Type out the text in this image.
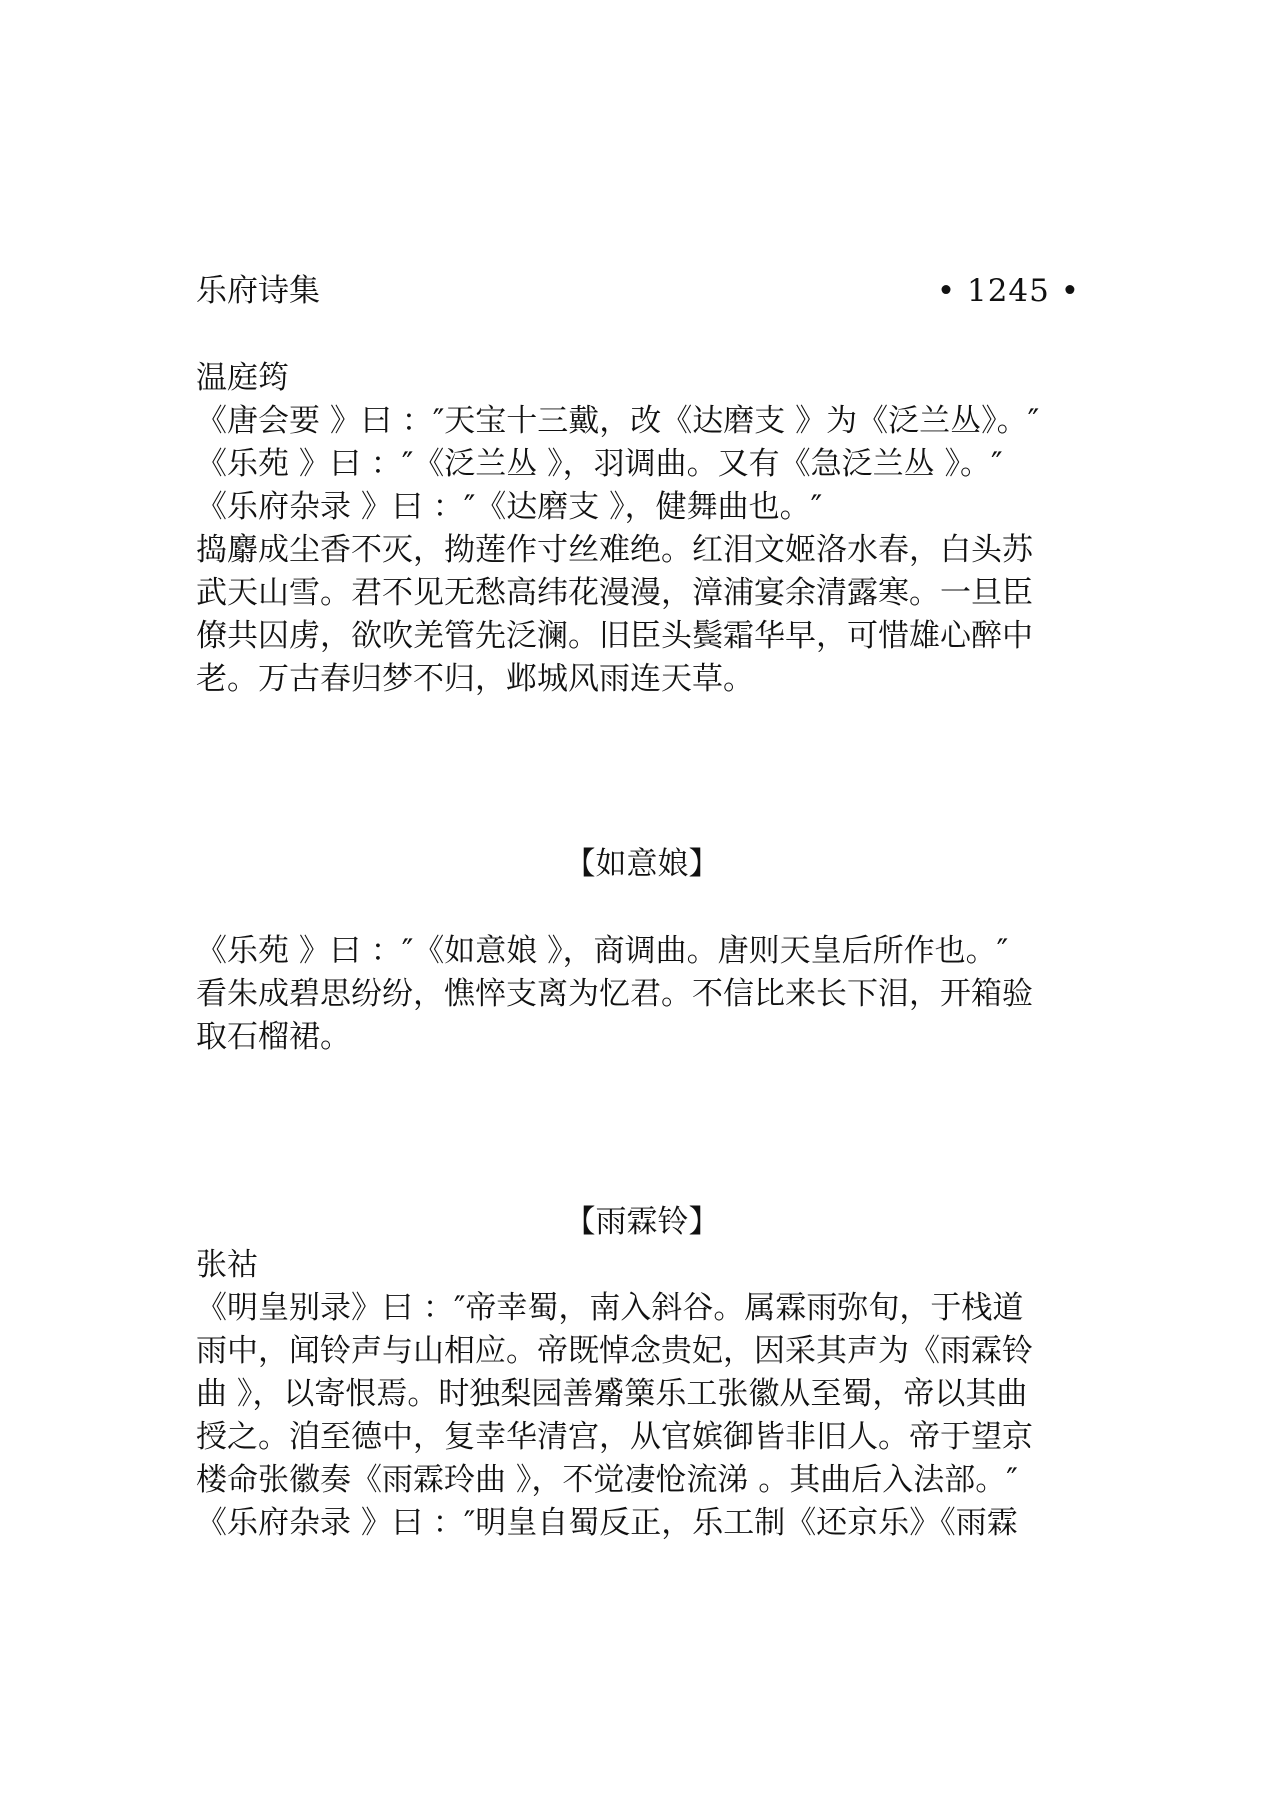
乐府诗集	• 1245 •
温庭筠
《唐会要 》曰 ：″天宝十三戴，改《达磨支 》为《泛兰丛》。″
《乐苑 》曰 ：″《泛兰丛 》，羽调曲。又有《急泛兰丛 》。″
《乐府杂录 》曰 ：″《达磨支 》，健舞曲也。″
捣麝成尘香不灭，拗莲作寸丝难绝。红泪文姬洛水春，白头苏
武天山雪。君不见无愁高纬花漫漫，漳浦宴余清露寒。一旦臣
僚共囚虏，欲吹羌管先泛澜。旧臣头鬓霜华早，可惜雄心醉中
老。万古春归梦不归，邺城风雨连天草。
【如意娘】
《乐苑 》曰 ：″《如意娘 》，商调曲。唐则天皇后所作也。″
看朱成碧思纷纷，憔悴支离为忆君。不信比来长下泪，开箱验
取石榴裙。
【雨霖铃】
张祜
《明皇别录》曰 ：″帝幸蜀，南入斜谷。属霖雨弥旬，于栈道
雨中，闻铃声与山相应。帝既悼念贵妃，因采其声为《雨霖铃
曲 》，以寄恨焉。时独梨园善觱篥乐工张徽从至蜀，帝以其曲
授之。洎至德中，复幸华清宫，从官嫔御皆非旧人。帝于望京
楼命张徽奏《雨霖玲曲 》，不觉凄怆流涕 。其曲后入法部。″
《乐府杂录 》曰 ：″明皇自蜀反正，乐工制《还京乐》《雨霖
